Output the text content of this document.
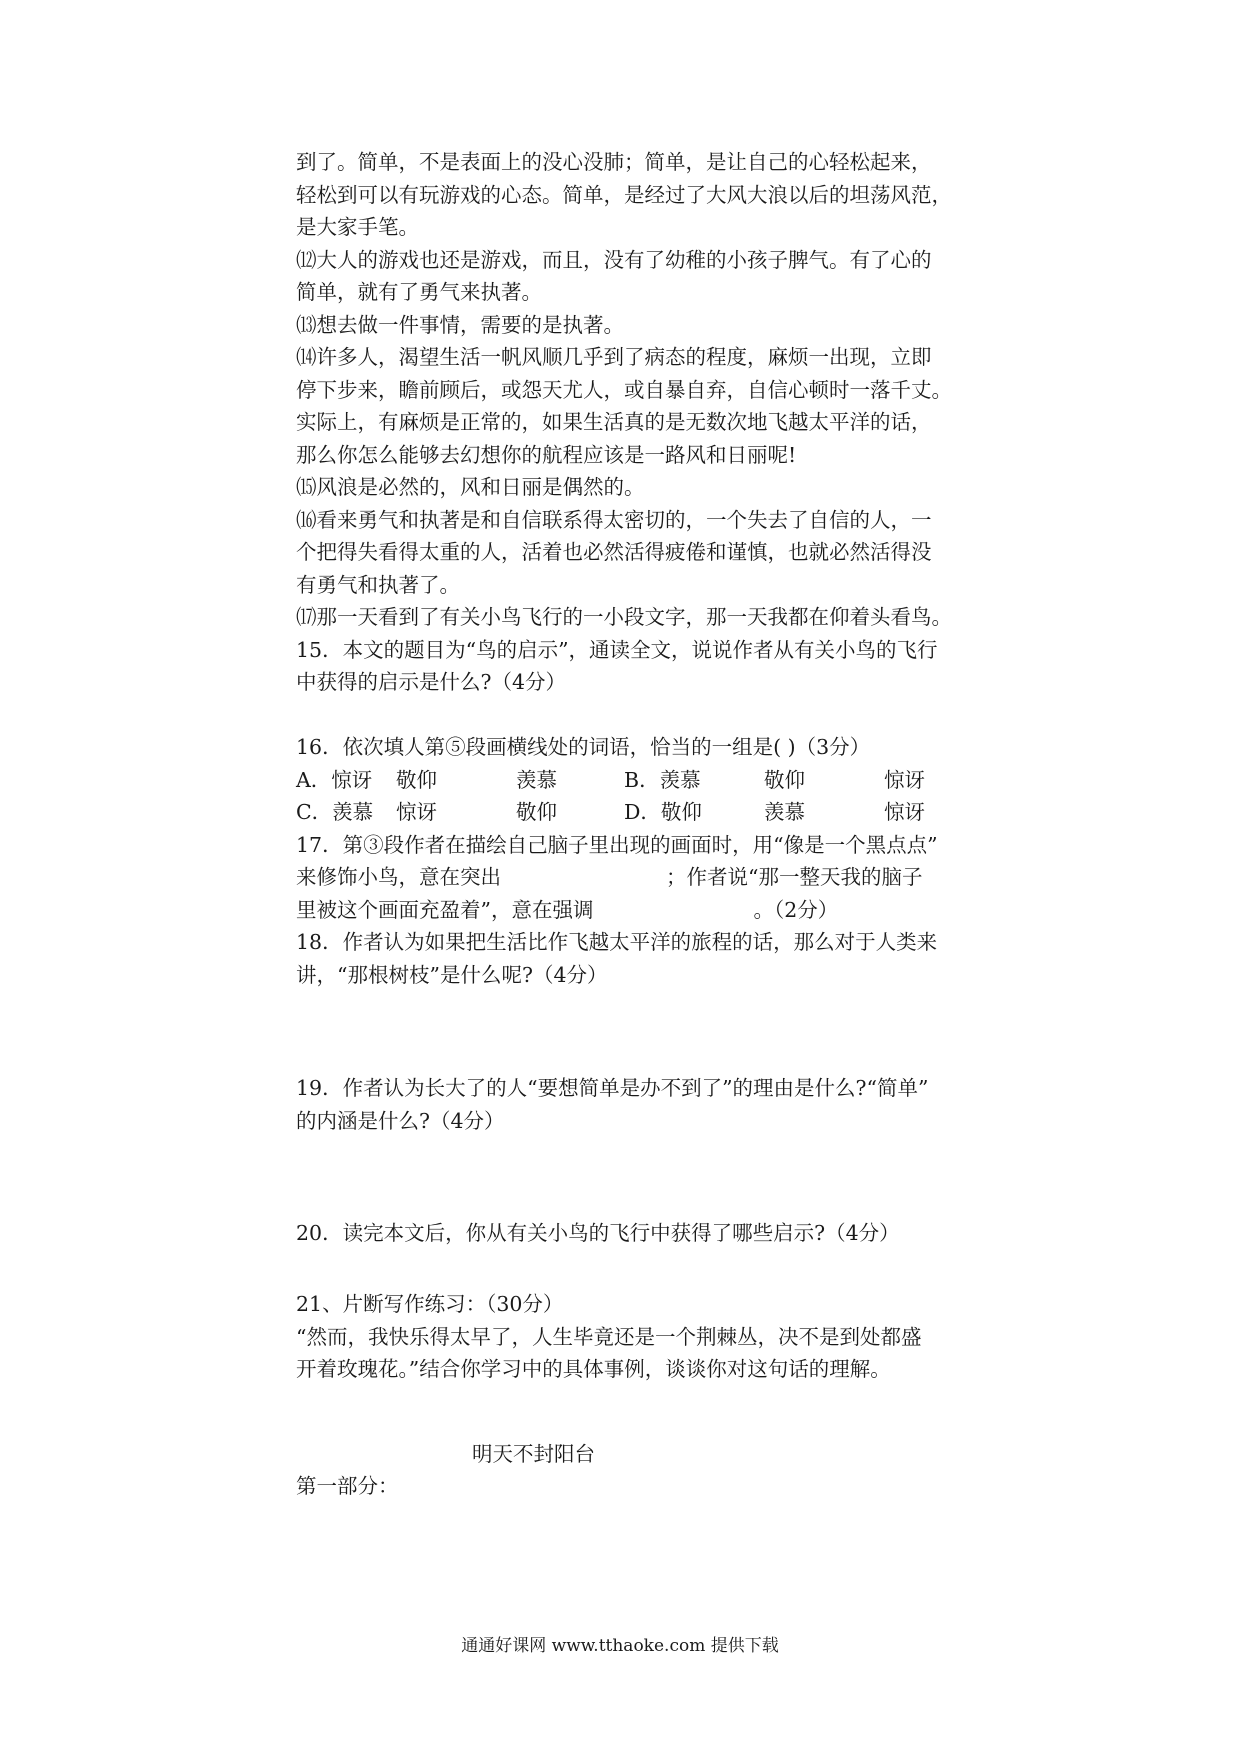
到了。简单，不是表面上的没心没肺；简单，是让自己的心轻松起来，
轻松到可以有玩游戏的心态。简单，是经过了大风大浪以后的坦荡风范，
是大家手笔。
⑿大人的游戏也还是游戏，而且，没有了幼稚的小孩子脾气。有了心的
简单，就有了勇气来执著。
⒀想去做一件事情，需要的是执著。
⒁许多人，渴望生活一帆风顺几乎到了病态的程度，麻烦一出现，立即
停下步来，瞻前顾后，或怨天尤人，或自暴自弃，自信心顿时一落千丈。
实际上，有麻烦是正常的，如果生活真的是无数次地飞越太平洋的话，
那么你怎么能够去幻想你的航程应该是一路风和日丽呢!
⒂风浪是必然的，风和日丽是偶然的。
⒃看来勇气和执著是和自信联系得太密切的，一个失去了自信的人，一
个把得失看得太重的人，活着也必然活得疲倦和谨慎，也就必然活得没
有勇气和执著了。
⒄那一天看到了有关小鸟飞行的一小段文字，那一天我都在仰着头看鸟。
15．本文的题目为“鸟的启示”，通读全文，说说作者从有关小鸟的飞行
中获得的启示是什么?（4分）
16．依次填人第⑤段画横线处的词语，恰当的一组是( )（3分）
A．惊讶	敬仰	羡慕	B．羡慕	敬仰	惊讶
C．羡慕	惊讶	敬仰	D．敬仰	羡慕	惊讶
17．第③段作者在描绘自己脑子里出现的画面时，用“像是一个黑点点”
来修饰小鸟，意在突出	；作者说“那一整天我的脑子
里被这个画面充盈着”，意在强调	。（2分）
18．作者认为如果把生活比作飞越太平洋的旅程的话，那么对于人类来
讲，“那根树枝”是什么呢?（4分）
19．作者认为长大了的人“要想简单是办不到了”的理由是什么?“简单”
的内涵是什么?（4分）
20．读完本文后，你从有关小鸟的飞行中获得了哪些启示?（4分）
21、片断写作练习：（30分）
“然而，我快乐得太早了，人生毕竟还是一个荆棘丛，决不是到处都盛
开着玫瑰花。”结合你学习中的具体事例，谈谈你对这句话的理解。
明天不封阳台
第一部分：
通通好课网 www.tthaoke.com 提供下载
